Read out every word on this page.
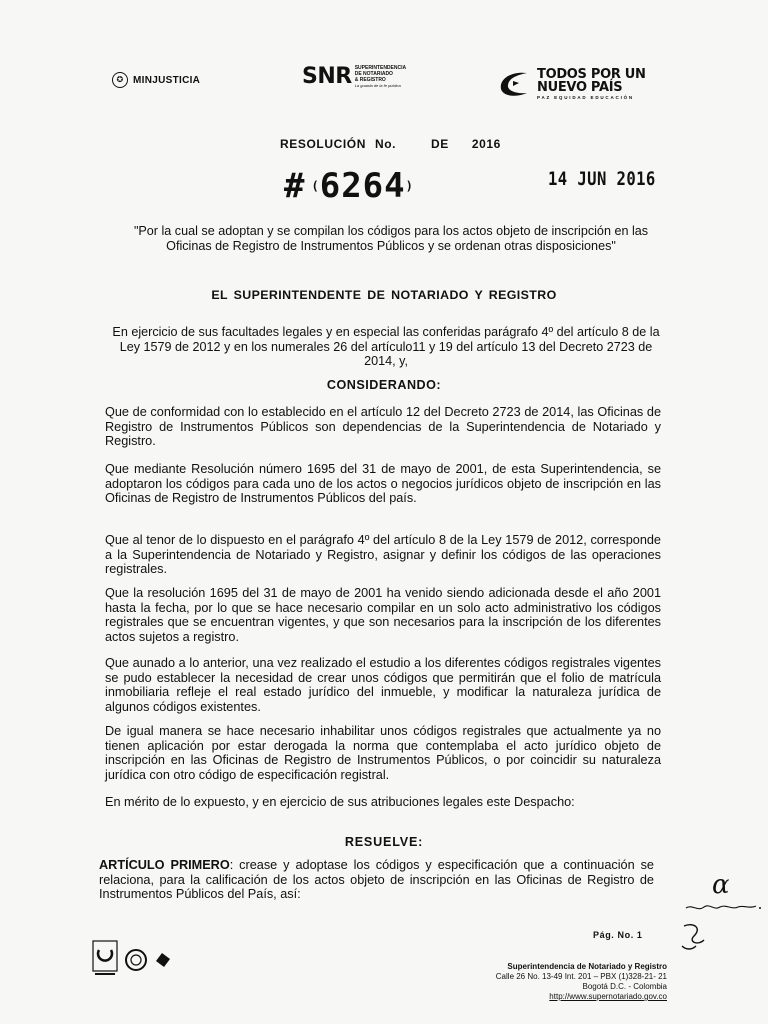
✪ MINJUSTICIA	SNR SUPERINTENDENCIA
DE NOTARIADO
& REGISTRO
La guarda de la fe pública
TODOS POR UN
NUEVO PAÍS
PAZ EQUIDAD EDUCACIÓN
RESOLUCIÓN No.	DE 2016
# ( 6264 )	14 JUN 2016
"Por la cual se adoptan y se compilan los códigos para los actos objeto de inscripción en las Oficinas de Registro de Instrumentos Públicos y se ordenan otras disposiciones"
EL SUPERINTENDENTE DE NOTARIADO Y REGISTRO
En ejercicio de sus facultades legales y en especial las conferidas parágrafo 4º del artículo 8 de la Ley 1579 de 2012 y en los numerales 26 del artículo11 y 19 del artículo 13 del Decreto 2723 de 2014, y,
CONSIDERANDO:
Que de conformidad con lo establecido en el artículo 12 del Decreto 2723 de 2014, las Oficinas de Registro de Instrumentos Públicos son dependencias de la Superintendencia de Notariado y Registro.
Que mediante Resolución número 1695 del 31 de mayo de 2001, de esta Superintendencia, se adoptaron los códigos para cada uno de los actos o negocios jurídicos objeto de inscripción en las Oficinas de Registro de Instrumentos Públicos del país.
Que al tenor de lo dispuesto en el parágrafo 4º del artículo 8 de la Ley 1579 de 2012, corresponde a la Superintendencia de Notariado y Registro, asignar y definir los códigos de las operaciones registrales.
Que la resolución 1695 del 31 de mayo de 2001 ha venido siendo adicionada desde el año 2001 hasta la fecha, por lo que se hace necesario compilar en un solo acto administrativo los códigos registrales que se encuentran vigentes, y que son necesarios para la inscripción de los diferentes actos sujetos a registro.
Que aunado a lo anterior, una vez realizado el estudio a los diferentes códigos registrales vigentes se pudo establecer la necesidad de crear unos códigos que permitirán que el folio de matrícula inmobiliaria refleje el real estado jurídico del inmueble, y modificar la naturaleza jurídica de algunos códigos existentes.
De igual manera se hace necesario inhabilitar unos códigos registrales que actualmente ya no tienen aplicación por estar derogada la norma que contemplaba el acto jurídico objeto de inscripción en las Oficinas de Registro de Instrumentos Públicos, o por coincidir su naturaleza jurídica con otro código de especificación registral.
En mérito de lo expuesto, y en ejercicio de sus atribuciones legales este Despacho:
RESUELVE:
ARTÍCULO PRIMERO: crease y adoptase los códigos y especificación que a continuación se relaciona, para la calificación de los actos objeto de inscripción en las Oficinas de Registro de Instrumentos Públicos del País, así:	α
Pág. No. 1
Superintendencia de Notariado y Registro
Calle 26 No. 13-49 Int. 201 – PBX (1)328-21- 21
Bogotá D.C. - Colombia
http://www.supernotariado.gov.co
